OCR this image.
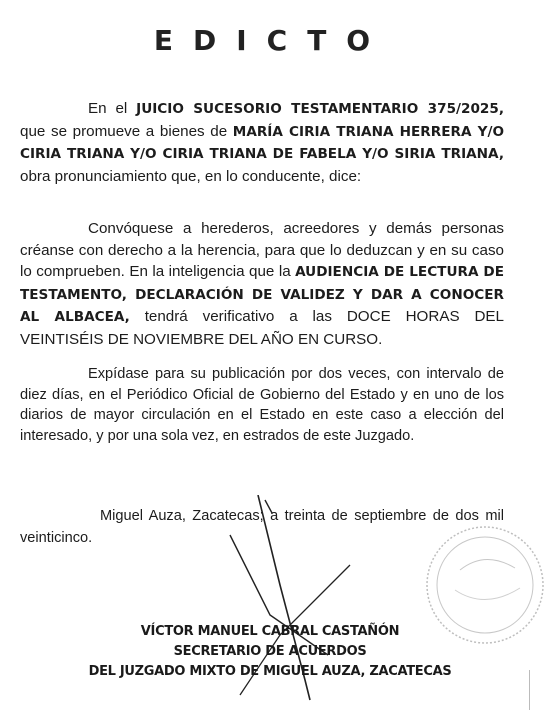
EDICTO
En el JUICIO SUCESORIO TESTAMENTARIO 375/2025, que se promueve a bienes de MARÍA CIRIA TRIANA HERRERA Y/O CIRIA TRIANA Y/O CIRIA TRIANA DE FABELA Y/O SIRIA TRIANA, obra pronunciamiento que, en lo conducente, dice:
Convóquese a herederos, acreedores y demás personas créanse con derecho a la herencia, para que lo deduzcan y en su caso lo comprueben. En la inteligencia que la AUDIENCIA DE LECTURA DE TESTAMENTO, DECLARACIÓN DE VALIDEZ Y DAR A CONOCER AL ALBACEA, tendrá verificativo a las DOCE HORAS DEL VEINTISÉIS DE NOVIEMBRE DEL AÑO EN CURSO.
Expídase para su publicación por dos veces, con intervalo de diez días, en el Periódico Oficial de Gobierno del Estado y en uno de los diarios de mayor circulación en el Estado en este caso a elección del interesado, y por una sola vez, en estrados de este Juzgado.
Miguel Auza, Zacatecas; a treinta de septiembre de dos mil veinticinco.
VÍCTOR MANUEL CABRAL CASTAÑÓN
SECRETARIO DE ACUERDOS
DEL JUZGADO MIXTO DE MIGUEL AUZA, ZACATECAS
